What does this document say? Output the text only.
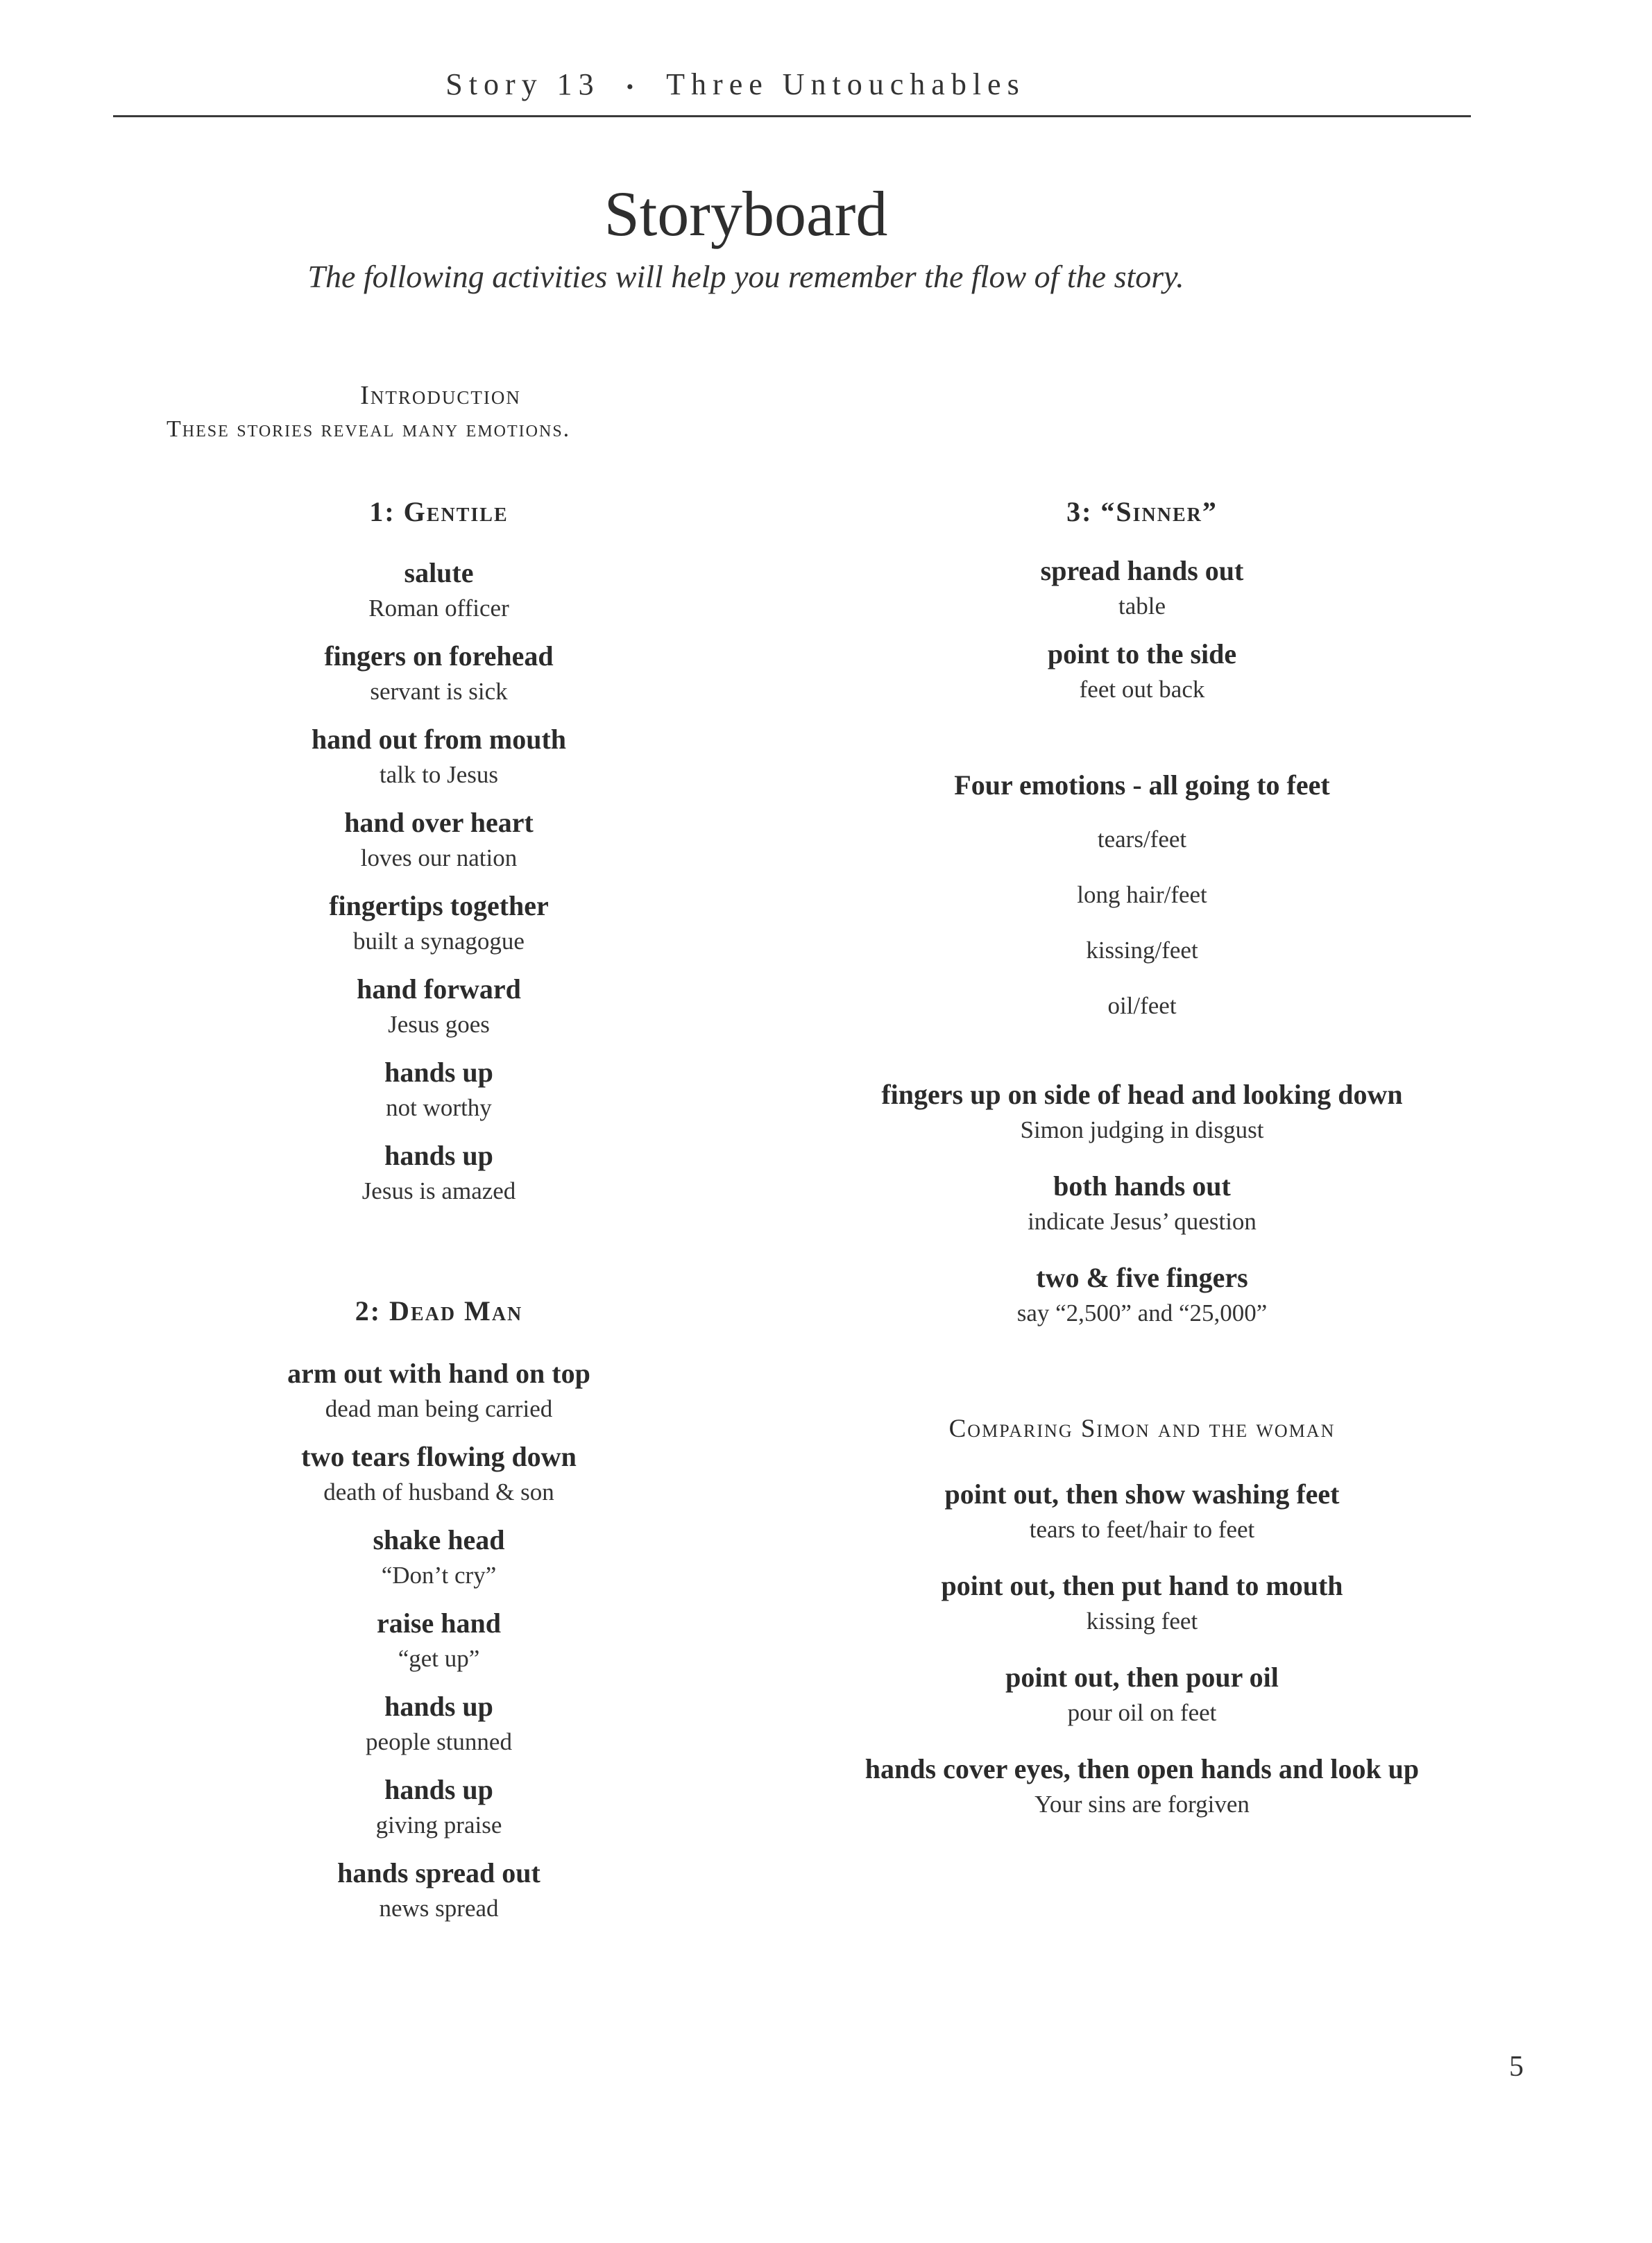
Story 13 • Three Untouchables
Storyboard
The following activities will help you remember the flow of the story.
Introduction
These stories reveal many emotions.
1: Gentile
salute
Roman officer
fingers on forehead
servant is sick
hand out from mouth
talk to Jesus
hand over heart
loves our nation
fingertips together
built a synagogue
hand forward
Jesus goes
hands up
not worthy
hands up
Jesus is amazed
2: Dead Man
arm out with hand on top
dead man being carried
two tears flowing down
death of husband & son
shake head
“Don’t cry”
raise hand
“get up”
hands up
people stunned
hands up
giving praise
hands spread out
news spread
3: “Sinner”
spread hands out
table
point to the side
feet out back
Four emotions - all going to feet
tears/feet
long hair/feet
kissing/feet
oil/feet
fingers up on side of head and looking down
Simon judging in disgust
both hands out
indicate Jesus’ question
two & five fingers
say “2,500” and “25,000”
Comparing Simon and the woman
point out, then show washing feet
tears to feet/hair to feet
point out, then put hand to mouth
kissing feet
point out, then pour oil
pour oil on feet
hands cover eyes, then open hands and look up
Your sins are forgiven
5
